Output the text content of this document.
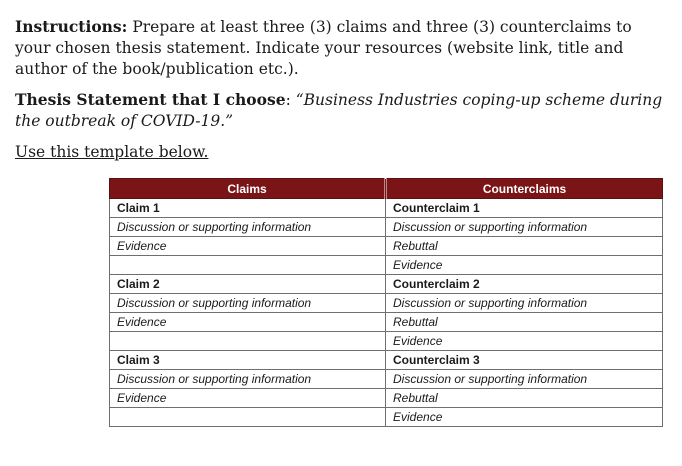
Instructions: Prepare at least three (3) claims and three (3) counterclaims to your chosen thesis statement. Indicate your resources (website link, title and author of the book/publication etc.).

Thesis Statement that I choose: “Business Industries coping-up scheme during the outbreak of COVID-19.”

Use this template below.

Claims	Counterclaims
Claim 1	Counterclaim 1
Discussion or supporting information	Discussion or supporting information
Evidence	Rebuttal
	Evidence
Claim 2	Counterclaim 2
Discussion or supporting information	Discussion or supporting information
Evidence	Rebuttal
	Evidence
Claim 3	Counterclaim 3
Discussion or supporting information	Discussion or supporting information
Evidence	Rebuttal
	Evidence
